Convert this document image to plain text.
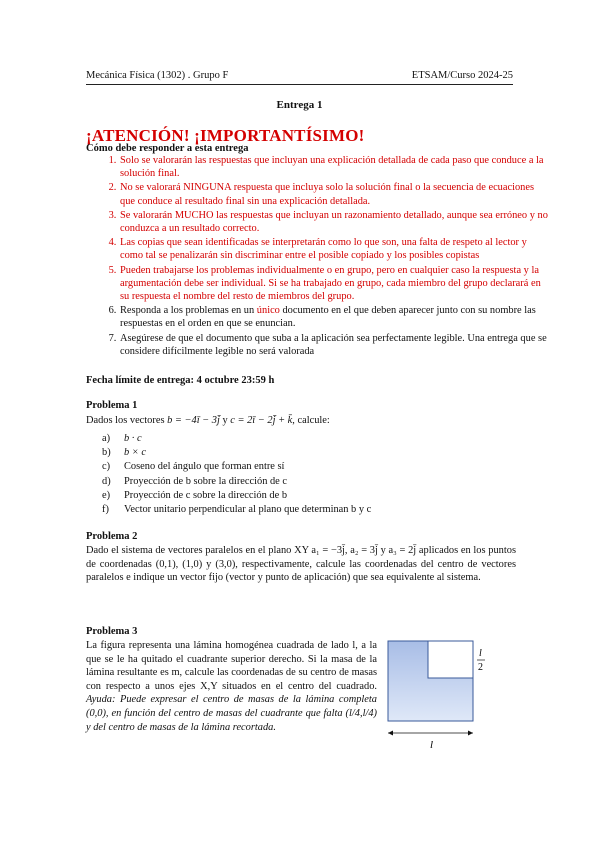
Mecánica Física (1302) . Grupo F	ETSAM/Curso 2024-25
Entrega 1
¡ATENCIÓN! ¡IMPORTANTÍSIMO!
Cómo debe responder a esta entrega
1. Solo se valorarán las respuestas que incluyan una explicación detallada de cada paso que conduce a la solución final.
2. No se valorará NINGUNA respuesta que incluya solo la solución final o la secuencia de ecuaciones que conduce al resultado final sin una explicación detallada.
3. Se valorarán MUCHO las respuestas que incluyan un razonamiento detallado, aunque sea erróneo y no conduzca a un resultado correcto.
4. Las copias que sean identificadas se interpretarán como lo que son, una falta de respeto al lector y como tal se penalizarán sin discriminar entre el posible copiado y los posibles copistas
5. Pueden trabajarse los problemas individualmente o en grupo, pero en cualquier caso la respuesta y la argumentación debe ser individual. Si se ha trabajado en grupo, cada miembro del grupo declarará en su respuesta el nombre del resto de miembros del grupo.
6. Responda a los problemas en un único documento en el que deben aparecer junto con su nombre las respuestas en el orden en que se enuncian.
7. Asegúrese de que el documento que suba a la aplicación sea perfectamente legible. Una entrega que se considere difícilmente legible no será valorada
Fecha límite de entrega: 4 octubre 23:59 h
Problema 1
Dados los vectores b = −4ī − 3j̄ y c = 2ī − 2j̄ + k̄, calcule:
a) b · c
b) b × c
c) Coseno del ángulo que forman entre sí
d) Proyección de b sobre la dirección de c
e) Proyección de c sobre la dirección de b
f) Vector unitario perpendicular al plano que determinan b y c
Problema 2
Dado el sistema de vectores paralelos en el plano XY a₁ = −3j̄, a₂ = 3j̄ y a₃ = 2j̄ aplicados en los puntos de coordenadas (0,1), (1,0) y (3,0), respectivamente, calcule las coordenadas del centro de vectores paralelos e indique un vector fijo (vector y punto de aplicación) que sea equivalente al sistema.
Problema 3
La figura representa una lámina homogénea cuadrada de lado l, a la que se le ha quitado el cuadrante superior derecho. Si la masa de la lámina resultante es m, calcule las coordenadas de su centro de masas con respecto a unos ejes X,Y situados en el centro del cuadrado. Ayuda: Puede expresar el centro de masas de la lámina completa (0,0), en función del centro de masas del cuadrante que falta (l/4,l/4) y del centro de masas de la lámina recortada.
l
l
2
